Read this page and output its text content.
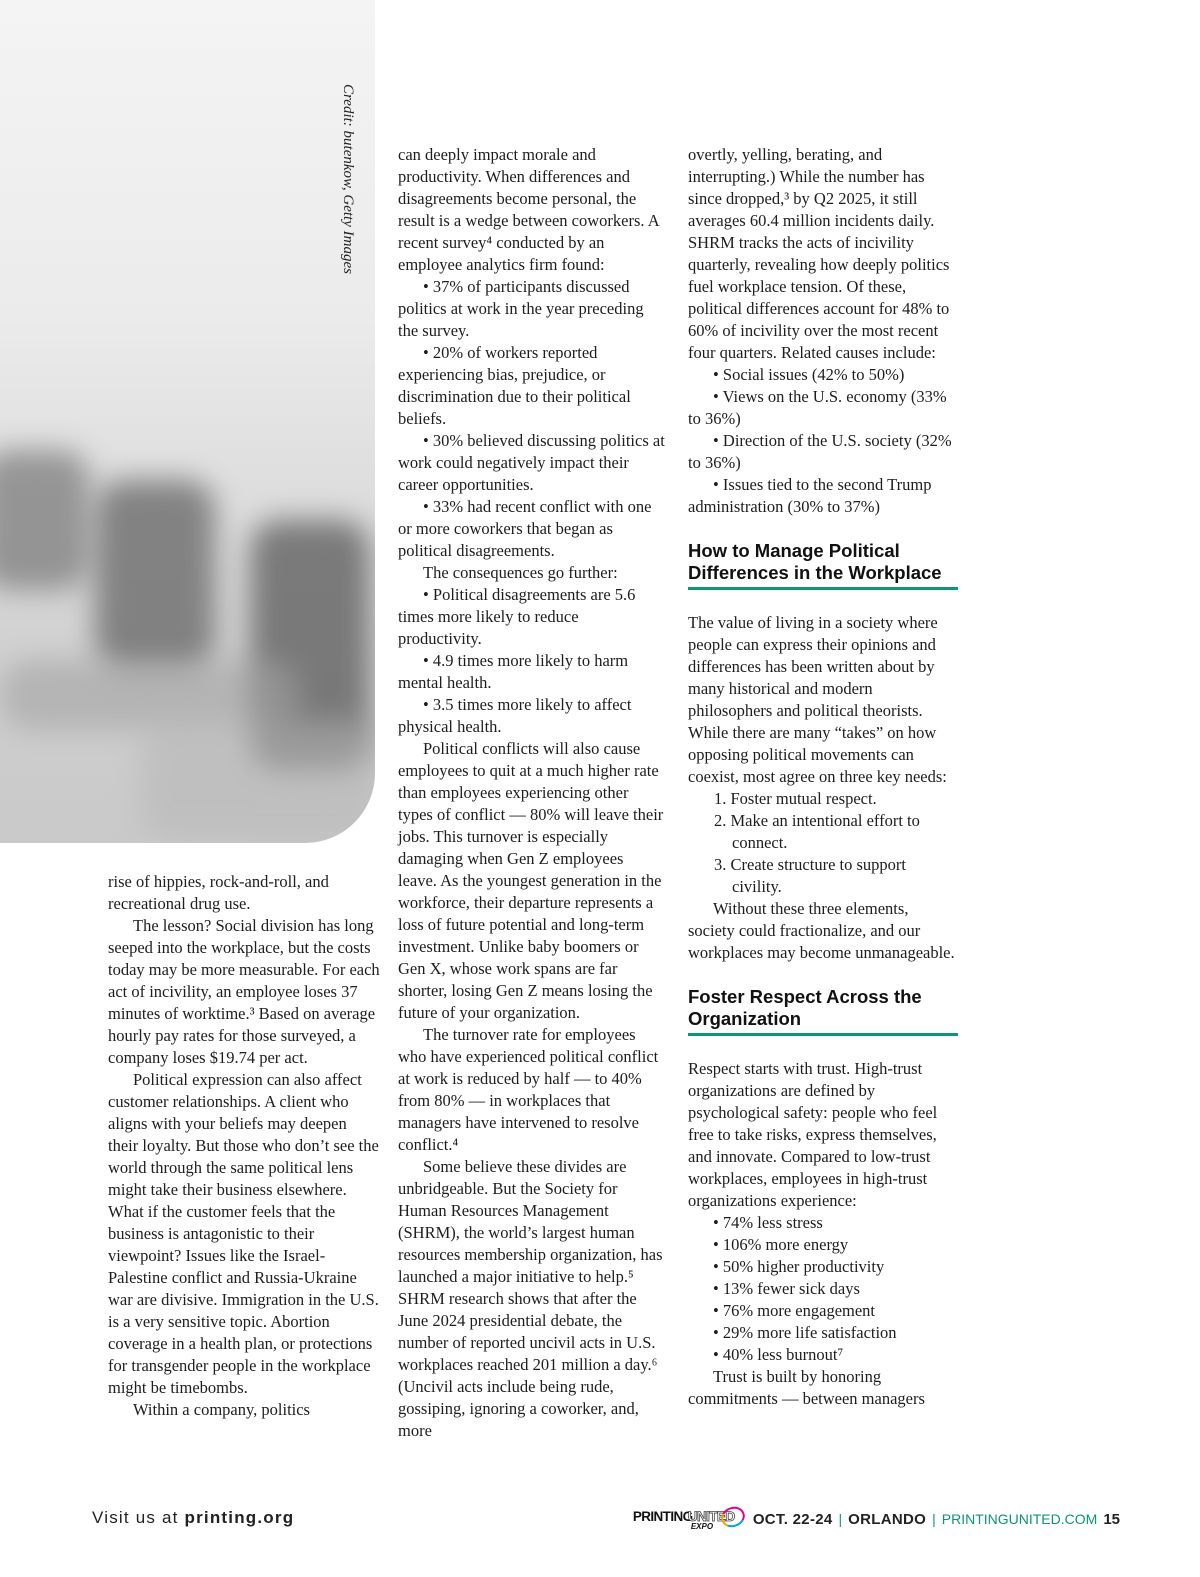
Credit: butenkow, Getty Images

rise of hippies, rock-and-roll, and recreational drug use.

The lesson? Social division has long seeped into the workplace, but the costs today may be more measurable. For each act of incivility, an employee loses 37 minutes of worktime.³ Based on average hourly pay rates for those surveyed, a company loses $19.74 per act.

Political expression can also affect customer relationships. A client who aligns with your beliefs may deepen their loyalty. But those who don’t see the world through the same political lens might take their business elsewhere. What if the customer feels that the business is antagonistic to their viewpoint? Issues like the Israel-Palestine conflict and Russia-Ukraine war are divisive. Immigration in the U.S. is a very sensitive topic. Abortion coverage in a health plan, or protections for transgender people in the workplace might be timebombs.

Within a company, politics

can deeply impact morale and productivity. When differences and disagreements become personal, the result is a wedge between coworkers. A recent survey⁴ conducted by an employee analytics firm found:

• 37% of participants discussed politics at work in the year preceding the survey.
• 20% of workers reported experiencing bias, prejudice, or discrimination due to their political beliefs.
• 30% believed discussing politics at work could negatively impact their career opportunities.
• 33% had recent conflict with one or more coworkers that began as political disagreements.

The consequences go further:

• Political disagreements are 5.6 times more likely to reduce productivity.
• 4.9 times more likely to harm mental health.
• 3.5 times more likely to affect physical health.

Political conflicts will also cause employees to quit at a much higher rate than employees experiencing other types of conflict — 80% will leave their jobs. This turnover is especially damaging when Gen Z employees leave. As the youngest generation in the workforce, their departure represents a loss of future potential and long-term investment. Unlike baby boomers or Gen X, whose work spans are far shorter, losing Gen Z means losing the future of your organization.

The turnover rate for employees who have experienced political conflict at work is reduced by half — to 40% from 80% — in workplaces that managers have intervened to resolve conflict.⁴

Some believe these divides are unbridgeable. But the Society for Human Resources Management (SHRM), the world’s largest human resources membership organization, has launched a major initiative to help.⁵ SHRM research shows that after the June 2024 presidential debate, the number of reported uncivil acts in U.S. workplaces reached 201 million a day.⁶ (Uncivil acts include being rude, gossiping, ignoring a coworker, and, more

overtly, yelling, berating, and interrupting.) While the number has since dropped,³ by Q2 2025, it still averages 60.4 million incidents daily. SHRM tracks the acts of incivility quarterly, revealing how deeply politics fuel workplace tension. Of these, political differences account for 48% to 60% of incivility over the most recent four quarters. Related causes include:

• Social issues (42% to 50%)
• Views on the U.S. economy (33% to 36%)
• Direction of the U.S. society (32% to 36%)
• Issues tied to the second Trump administration (30% to 37%)
How to Manage Political Differences in the Workplace

The value of living in a society where people can express their opinions and differences has been written about by many historical and modern philosophers and political theorists. While there are many “takes” on how opposing political movements can coexist, most agree on three key needs:

1. Foster mutual respect.
2. Make an intentional effort to connect.
3. Create structure to support civility.

Without these three elements, society could fractionalize, and our workplaces may become unmanageable.

Foster Respect Across the Organization

Respect starts with trust. High-trust organizations are defined by psychological safety: people who feel free to take risks, express themselves, and innovate. Compared to low-trust workplaces, employees in high-trust organizations experience:

• 74% less stress
• 106% more energy
• 50% higher productivity
• 13% fewer sick days
• 76% more engagement
• 29% more life satisfaction
• 40% less burnout⁷

Trust is built by honoring commitments — between managers

Visit us at printing.org	PRINTING
UNITED
EXPO	OCT. 22-24 | ORLANDO | PRINTINGUNITED.COM 15
